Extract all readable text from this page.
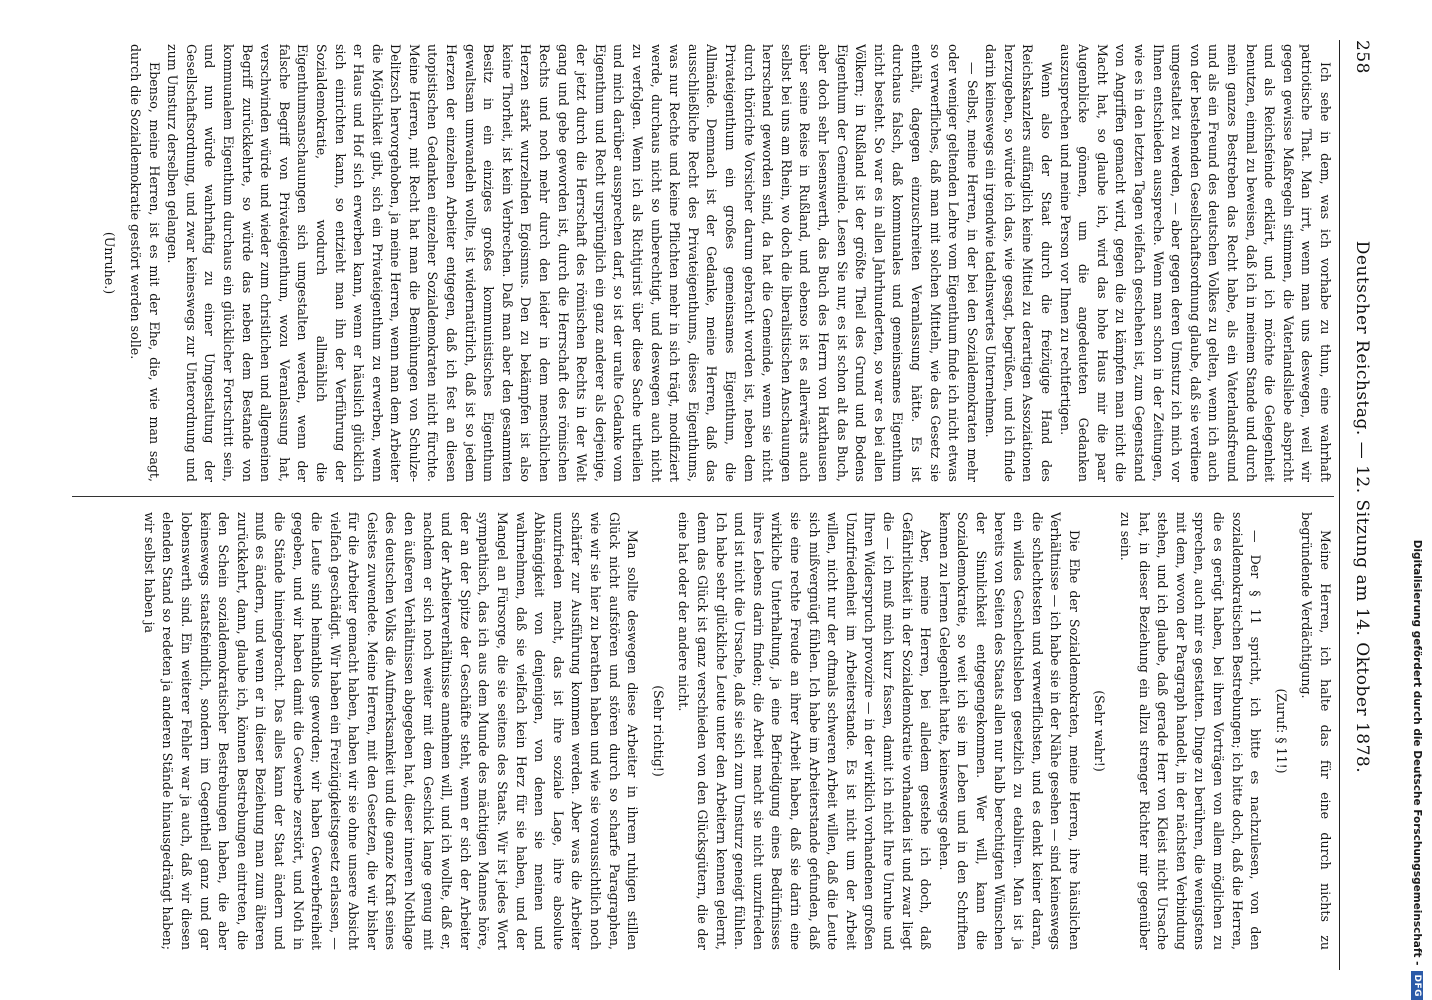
258
Deutscher Reichstag. — 12. Sitzung am 14. Oktober 1878.

Ich sehe in dem, was ich vorhabe zu thun, eine wahrhaft patriotische That. Man irrt, wenn man uns deswegen, weil wir gegen gewisse Maßregeln stimmen, die Vaterlandsliebe abspricht und als Reichsfeinde erklärt, und ich möchte die Gelegenheit benutzen, einmal zu beweisen, daß ich in meinem Stande und durch mein ganzes Bestreben das Recht habe, als ein Vaterlandsfreund und als ein Freund des deutschen Volkes zu gelten, wenn ich auch von der bestehenden Gesellschaftsordnung glaube, daß sie verdiene umgestaltet zu werden, — aber gegen deren Umsturz ich mich vor Ihnen entschieden ausspreche. Wenn man schon in der Zeitungen, wie es in den letzten Tagen vielfach geschehen ist, zum Gegenstand von Angriffen gemacht wird, gegen die zu kämpfen man nicht die Macht hat, so glaube ich, wird das hohe Haus mir die paar Augenblicke gönnen, um die angedeuteten Gedanken auszusprechen und meine Person vor Ihnen zu rechtfertigen.

Wenn also der Staat durch die freizügige Hand des Reichskanzlers aufänglich keine Mittel zu derartigen Assoziationen herzugeben, so würde ich das, wie gesagt, begrüßen, und ich finde darin keineswegs ein irgendwie tadelnswertes Unternehmen.

— Selbst, meine Herren, in der bei den Sozialdemokraten mehr oder weniger geltenden Lehre vom Eigenthum finde ich nicht etwas so verwerfliches, daß man mit solchen Mitteln, wie das Gesetz sie enthält, dagegen einzuschreiten Veranlassung hätte. Es ist durchaus falsch, daß kommunales und gemeinsames Eigenthum nicht besteht. So war es in allen Jahrhunderten, so war es bei allen Völkern; in Rußland ist der größte Theil des Grund und Bodens Eigenthum der Gemeinde. Lesen Sie nur, es ist schon alt das Buch, aber doch sehr lesenswerth, das Buch des Herrn von Haxthausen über seine Reise in Rußland, und ebenso ist es allerwärts auch selbst bei uns am Rhein, wo doch die liberalistischen Anschauungen herrschend geworden sind, da hat die Gemeinde, wenn sie nicht durch thörichte Vorsicher darum gebracht worden ist, neben dem Privateigenthum ein großes gemeinsames Eigenthum, die Allmände. Demnach ist der Gedanke, meine Herren, daß das ausschließliche Recht des Privateigenthums, dieses Eigenthums, was nur Rechte und keine Pflichten mehr in sich trägt, modifiziert werde, durchaus nicht so unberechtigt, und deswegen auch nicht zu verfolgen. Wenn ich als Richtjurist über diese Sache urtheilen und mich darüber aussprechen darf, so ist der uralte Gedanke vom Eigenthum und Recht ursprünglich ein ganz anderer als derjenige, der jetzt durch die Herrschaft des römischen Rechts in der Welt gang und gebe geworden ist, durch die Herrschaft des römischen Rechts und noch mehr durch den leider in dem menschlichen Herzen stark wurzelnden Egoismus. Den zu bekämpfen ist also keine Thorheit, ist kein Verbrechen. Daß man aber den gesammten Besitz in ein einziges großes kommunistisches Eigenthum gewaltsam umwandeln wollte, ist widernatürlich, daß ist so jedem Herzen der einzelnen Arbeiter entgegen, daß ich fest an diesen utopistischen Gedanken einzelner Sozialdemokraten nicht fürchte. Meine Herren, mit Recht hat man die Bemühungen von Schulze-Delitzsch hervorgehoben, ja meine Herren, wenn man dem Arbeiter die Möglichkeit gibt, sich ein Privateigenthum zu erwerben, wenn er Haus und Hof sich erwerben kann, wenn er häuslich glücklich sich einrichten kann, so entzieht man ihn der Verführung der Sozialdemokratie, wodurch allmählich die Eigenthumsanschauungen sich umgestalten werden, wenn der falsche Begriff von Privateigenthum, wozu Veranlassung hat, verschwinden würde und wieder zum christlichen und allgemeinen Begriff zurückkehrte, so würde das neben dem Bestande von kommunalem Eigenthum durchaus ein glücklicher Fortschritt sein, und nun würde wahrhaftig zu einer Umgestaltung der Gesellschaftsordnung, und zwar keineswegs zur Unterordnung und zum Umsturz derselben gelangen.

Ebenso, meine Herren, ist es mit der Ehe, die, wie man sagt, durch die Sozialdemokratie gestört werden solle.

(Unruhe.)

Meine Herren, ich halte das für eine durch nichts zu begründende Verdächtigung.

(Zuruf: § 11!)

— Der § 11 spricht, ich bitte es nachzulesen, von den sozialdemokratischen Bestrebungen; ich bitte doch, daß die Herren, die es gerügt haben, bei ihren Vorträgen von allem möglichen zu sprechen, auch mir es gestatten. Dinge zu berühren, die wenigstens mit dem, wovon der Paragraph handelt, in der nächsten Verbindung stehen, und ich glaube, daß gerade Herr von Kleist nicht Ursache hat, in dieser Beziehung ein allzu strenger Richter mir gegenüber zu sein.

(Sehr wahr!)

Die Ehe der Sozialdemokraten, meine Herren, ihre häuslichen Verhältnisse — ich habe sie in der Nähe gesehen — sind keineswegs die schlechtesten und verwerflichsten, und es denkt keiner daran, ein wildes Geschlechtsleben gesetzlich zu etabliren. Man ist ja bereits von Seiten des Staats allen nur halb berechtigten Wünschen der Sinnlichkeit entgegengekommen. Wer will, kann die Sozialdemokratie, so weit ich sie im Leben und in den Schriften kennen zu lernen Gelegenheit hatte, keineswegs gehen.

Aber, meine Herren, bei alledem gestehe ich doch, daß Gefährlichkeit in der Sozialdemokratie vorhanden ist und zwar liegt die — ich muß mich kurz fassen, damit ich nicht Ihre Unruhe und Ihren Widerspruch provozire — in der wirklich vorhandenen großen Unzufriedenheit im Arbeiterstande. Es ist nicht um der Arbeit willen, nicht nur der oftmals schweren Arbeit willen, daß die Leute sich mißvergnügt fühlen. Ich habe im Arbeiterstande gefunden, daß sie eine rechte Freude an ihrer Arbeit haben, daß sie darin eine wirkliche Unterhaltung, ja eine Befriedigung eines Bedürfnisses ihres Lebens darin finden; die Arbeit macht sie nicht unzufrieden und ist nicht die Ursache, daß sie sich zum Umsturz geneigt fühlen. Ich habe sehr glückliche Leute unter den Arbeitern kennen gelernt, denn das Glück ist ganz verschieden von den Glücksgütern, die der eine hat oder der andere nicht.

(Sehr richtig!)

Man sollte deswegen diese Arbeiter in ihrem ruhigen stillen Glück nicht aufstören und stören durch so scharfe Paragraphen, wie wir sie hier zu berathen haben und wie sie voraussichtlich noch schärfer zur Ausführung kommen werden. Aber was die Arbeiter unzufrieden macht, das ist ihre soziale Lage, ihre absolute Abhängigkeit von denjenigen, von denen sie meinen und wahrnehmen, daß sie vielfach kein Herz für sie haben, und der Mangel an Fürsorge, die sie seitens des Staats. Wir ist jedes Wort sympathisch, das ich aus dem Munde des mächtigen Mannes höre, der an der Spitze der Geschäfte steht, wenn er sich der Arbeiter und der Arbeiterverhältnisse annehmen will, und ich wollte, daß er, nachdem er sich noch weiter mit dem Geschick lange genug mit den äußeren Verhältnissen abgegeben hat, dieser inneren Nothlage des deutschen Volks die Aufmerksamkeit und die ganze Kraft seines Geistes zuwendete. Meine Herren, mit den Gesetzen, die wir bisher für die Arbeiter gemacht haben, haben wir sie ohne unsere Absicht vielfach geschädigt. Wir haben ein Freizügigkeitsgesetz erlassen, — die Leute sind heimathlos geworden; wir haben Gewerbefreiheit gegeben, und wir haben damit die Gewerbe zerstört, und Noth in die Stände hineingebracht. Das alles kann der Staat ändern und muß es ändern, und wenn er in dieser Beziehung man zum älteren zurückkehrt, dann, glaube ich, können Bestrebungen eintreten, die den Schein sozialdemokratischer Bestrebungen haben, die aber keineswegs staatsfeindlich, sondern im Gegentheil ganz und gar lobenswerth sind. Ein weiterer Fehler war ja auch, daß wir diesen elenden Stand so redeten ja anderen Stände hinausgedrängt haben; wir selbst haben ja	Digitalisierung gefördert durch die Deutsche Forschungsgemeinschaft -
DFG
